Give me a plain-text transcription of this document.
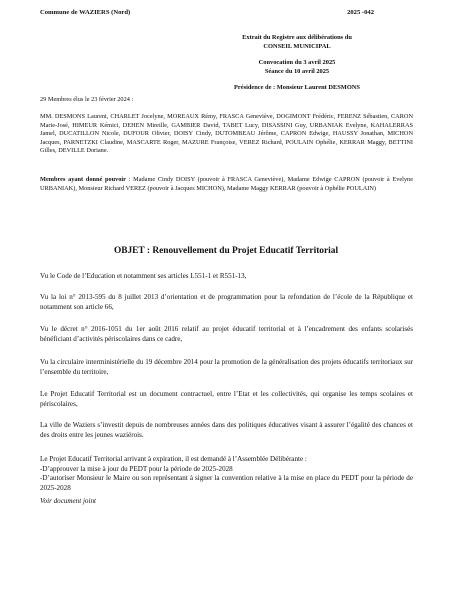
Commune de WAZIERS (Nord)	2025 -042
Extrait du Registre aux délibérations du
CONSEIL MUNICIPAL
Convocation du 3 avril 2025
Séance du 10 avril 2025
Présidence de : Monsieur Laurent DESMONS
29 Membres élus le 23 février 2024 :
MM. DESMONS Laurent, CHARLET Jocelyne, MOREAUX Rémy, FRASCA Geneviève, DOGIMONT Frédéric, FERENZ Sébastien, CARON Marie-José, HIMEUR Kémici, DEHEN Mireille, GAMBIER David, TABET Lucy, DISASSINI Guy, URBANIAK Evelyne, KAHALERRAS Jamel, DUCATILLON Nicole, DUFOUR Olivier, DOISY Cindy, DUTOMBEAU Jérôme, CAPRON Edwige, HAUSSY Jonathan, MICHON Jacques, PARNETZKI Claudine, MASCARTE Roger, MAZURE Françoise, VEREZ Richard, POULAIN Ophélie, KERRAR Maggy, BETTINI Gilles, DEVILLE Doriane.
Membres ayant donné pouvoir : Madame Cindy DOISY (pouvoir à FRASCA Geneviève), Madame Edwige CAPRON (pouvoir à Evelyne URBANIAK), Monsieur Richard VEREZ (pouvoir à Jacques MICHON), Madame Maggy KERRAR (pouvoir à Ophélie POULAIN)
OBJET : Renouvellement du Projet Educatif Territorial
Vu le Code de l’Education et notamment ses articles L551-1 et R551-13,
Vu la loi n° 2013-595 du 8 juillet 2013 d’orientation et de programmation pour la refondation de l’école de la République et notamment son article 66,
Vu le décret n° 2016-1051 du 1er août 2016 relatif au projet éducatif territorial et à l’encadrement des enfants scolarisés bénéficiant d’activités périscolaires dans ce cadre,
Vu la circulaire interministérielle du 19 décembre 2014 pour la promotion de la généralisation des projets éducatifs territoriaux sur l’ensemble du territoire,
Le Projet Educatif Territorial est un document contractuel, entre l’Etat et les collectivités, qui organise les temps scolaires et périscolaires,
La ville de Waziers s’investit depuis de nombreuses années dans des politiques éducatives visant à assurer l’égalité des chances et des droits entre les jeunes waziérois.

Le Projet Educatif Territorial arrivant à expiration, il est demandé à l’Assemblée Délibérante :

-D’approuver la mise à jour du PEDT pour la période de 2025-2028

-D’autoriser Monsieur le Maire ou son représentant à signer la convention relative à la mise en place du PEDT pour la période de 2025-2028

Voir document joint
